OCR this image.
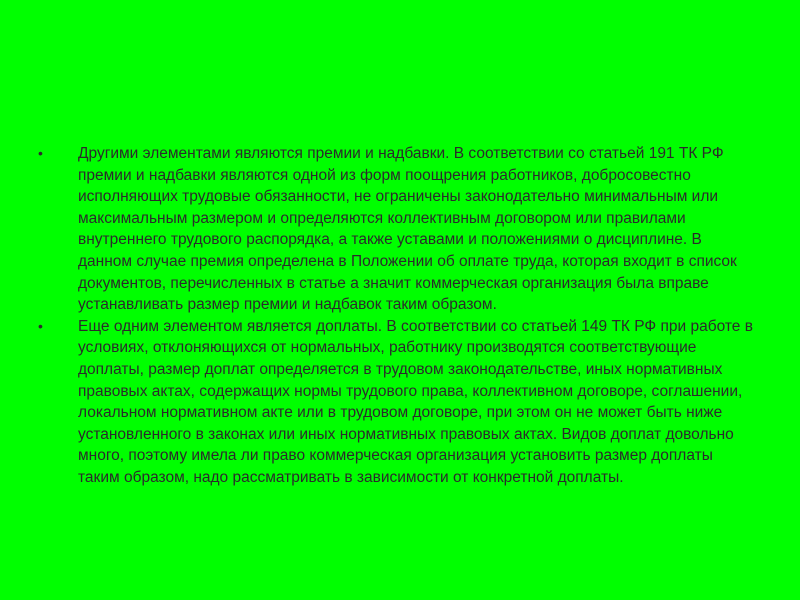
•	Другими элементами являются премии и надбавки. В соответствии со статьей 191 ТК РФ премии и надбавки являются одной из форм поощрения работников, добросовестно исполняющих трудовые обязанности, не ограничены законодательно минимальным или максимальным размером и определяются коллективным договором или правилами внутреннего трудового распорядка, а также уставами и положениями о дисциплине. В данном случае премия определена в Положении об оплате труда, которая входит в список документов, перечисленных в статье а значит коммерческая организация была вправе устанавливать размер премии и надбавок таким образом.
•	Еще одним элементом является доплаты. В соответствии со статьей 149 ТК РФ при работе в условиях, отклоняющихся от нормальных, работнику производятся соответствующие доплаты, размер доплат определяется в трудовом законодательстве, иных нормативных правовых актах, содержащих нормы трудового права, коллективном договоре, соглашении, локальном нормативном акте или в трудовом договоре, при этом он не может быть ниже установленного в законах или иных нормативных правовых актах. Видов доплат довольно много, поэтому имела ли право коммерческая организация установить размер доплаты таким образом, надо рассматривать в зависимости от конкретной доплаты.
